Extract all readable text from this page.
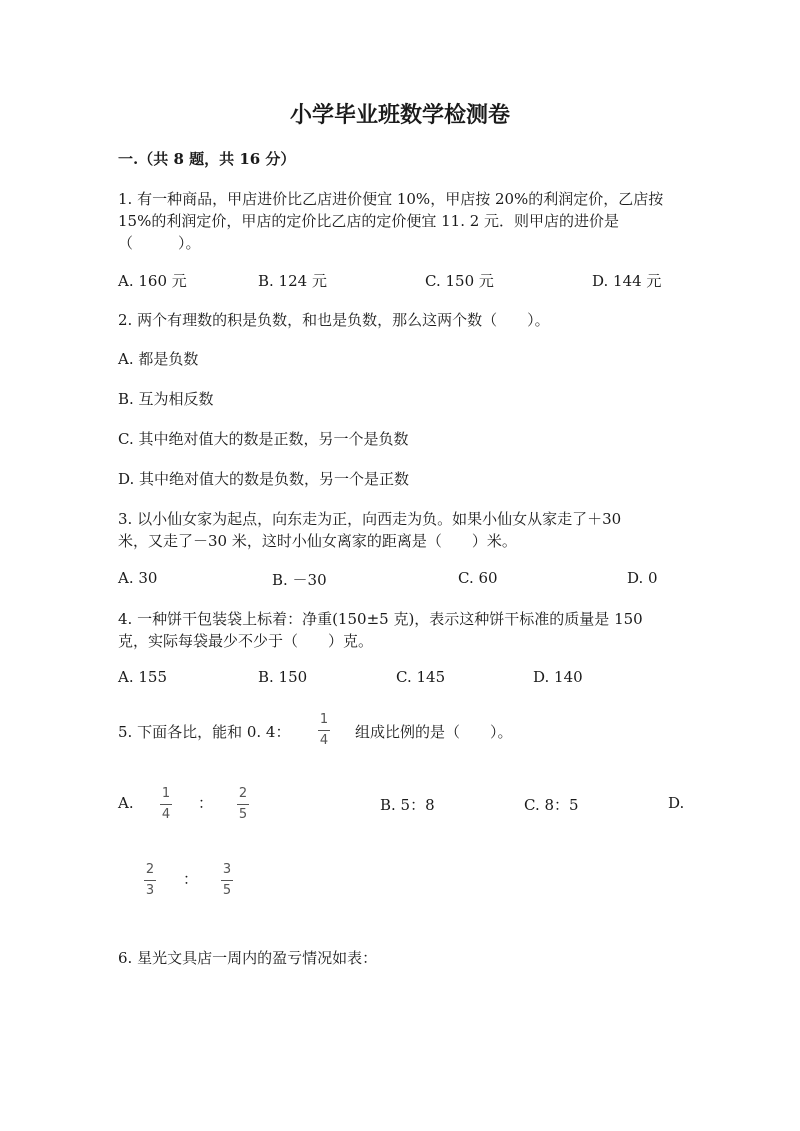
小学毕业班数学检测卷
一.（共 8 题，共 16 分）
1. 有一种商品，甲店进价比乙店进价便宜 10%，甲店按 20%的利润定价，乙店按
15%的利润定价，甲店的定价比乙店的定价便宜 11. 2 元．则甲店的进价是
（　　　）。
A. 160 元	B. 124 元	C. 150 元	D. 144 元
2. 两个有理数的积是负数，和也是负数，那么这两个数（　　）。
A. 都是负数
B. 互为相反数
C. 其中绝对值大的数是正数，另一个是负数
D. 其中绝对值大的数是负数，另一个是正数
3. 以小仙女家为起点，向东走为正，向西走为负。如果小仙女从家走了＋30
米，又走了－30 米，这时小仙女离家的距离是（　　）米。
A. 30	B. －30	C. 60	D. 0
4. 一种饼干包装袋上标着：净重(150±5 克)，表示这种饼干标准的质量是 150
克，实际每袋最少不少于（　　）克。
A. 155	B. 150	C. 145	D. 140
5. 下面各比，能和 0. 4：
1
4 组成比例的是（　　）。
A.
1
4
：
2
5
B. 5：8	C. 8：5	D.
2
3
：
3
5
6. 星光文具店一周内的盈亏情况如表：
